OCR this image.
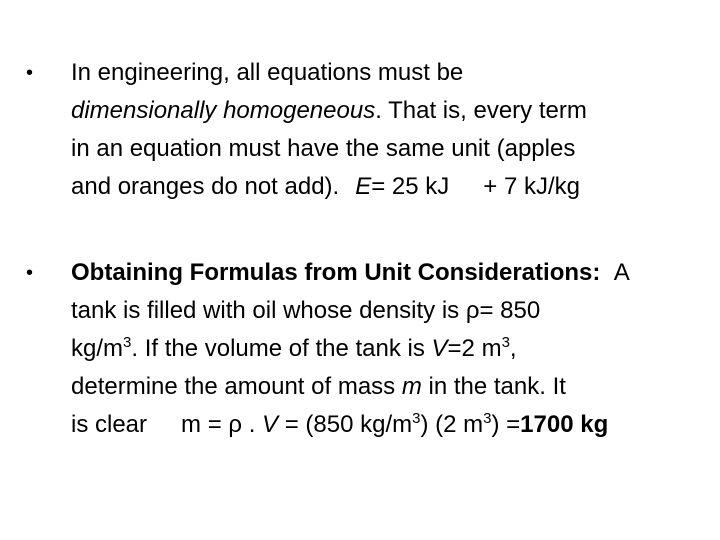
• In engineering, all equations must be
dimensionally homogeneous. That is, every term
in an equation must have the same unit (apples
and oranges do not add). E= 25 kJ + 7 kJ/kg
• Obtaining Formulas from Unit Considerations: A
tank is filled with oil whose density is ρ= 850
$kg/m^3$. If the volume of the tank is V=2 $m^3$,
determine the amount of mass m in the tank. It
is clear m = ρ . V = (850 $kg/m^3$) (2 $m^3) =1700$ kg
